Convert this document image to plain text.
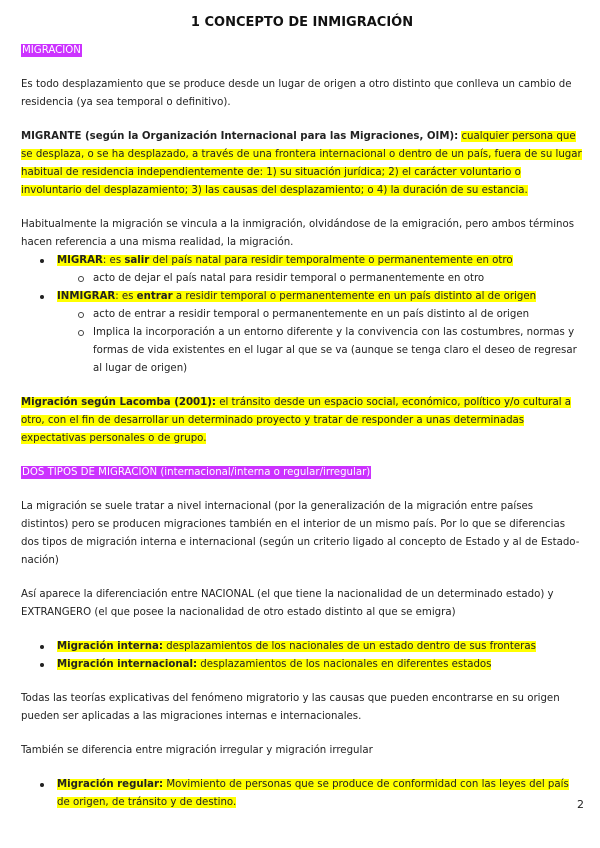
1 CONCEPTO DE INMIGRACIÓN

MIGRACIÓN

Es todo desplazamiento que se produce desde un lugar de origen a otro distinto que conlleva un cambio de residencia (ya sea temporal o definitivo).

MIGRANTE (según la Organización Internacional para las Migraciones, OIM): cualquier persona que se desplaza, o se ha desplazado, a través de una frontera internacional o dentro de un país, fuera de su lugar habitual de residencia independientemente de: 1) su situación jurídica; 2) el carácter voluntario o involuntario del desplazamiento; 3) las causas del desplazamiento; o 4) la duración de su estancia.

Habitualmente la migración se vincula a la inmigración, olvidándose de la emigración, pero ambos términos hacen referencia a una misma realidad, la migración.

MIGRAR: es salir del país natal para residir temporalmente o permanentemente en otro
acto de dejar el país natal para residir temporal o permanentemente en otro
INMIGRAR: es entrar a residir temporal o permanentemente en un país distinto al de origen
acto de entrar a residir temporal o permanentemente en un país distinto al de origen
Implica la incorporación a un entorno diferente y la convivencia con las costumbres, normas y formas de vida existentes en el lugar al que se va (aunque se tenga claro el deseo de regresar al lugar de origen)

Migración según Lacomba (2001): el tránsito desde un espacio social, económico, político y/o cultural a otro, con el fin de desarrollar un determinado proyecto y tratar de responder a unas determinadas expectativas personales o de grupo.

DOS TIPOS DE MIGRACIÓN (internacional/interna o regular/irregular)

La migración se suele tratar a nivel internacional (por la generalización de la migración entre países distintos) pero se producen migraciones también en el interior de un mismo país. Por lo que se diferencias dos tipos de migración interna e internacional (según un criterio ligado al concepto de Estado y al de Estado-nación)

Así aparece la diferenciación entre NACIONAL (el que tiene la nacionalidad de un determinado estado) y EXTRANGERO (el que posee la nacionalidad de otro estado distinto al que se emigra)

Migración interna: desplazamientos de los nacionales de un estado dentro de sus fronteras
Migración internacional: desplazamientos de los nacionales en diferentes estados

Todas las teorías explicativas del fenómeno migratorio y las causas que pueden encontrarse en su origen pueden ser aplicadas a las migraciones internas e internacionales.

También se diferencia entre migración irregular y migración irregular

Migración regular: Movimiento de personas que se produce de conformidad con las leyes del país de origen, de tránsito y de destino.	2
